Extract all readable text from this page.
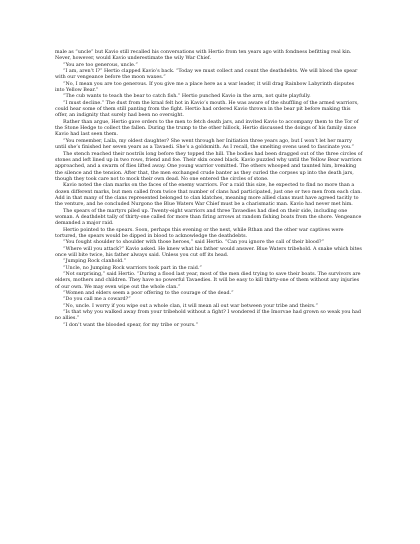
male as “uncle” but Kavio still recalled his conversations with Hertio from ten years ago with fondness befitting real kin. Never, however, would Kavio underestimate the wily War Chief.

“You are too generous, uncle.”

“I am, aren’t I?” Hertio clapped Kavio’s back. “Today we must collect and count the deathdebts. We will blood the spear with our vengeance before the moon waxes.”

“No, I mean you are too generous. If you give me a place here as a war leader, it will drag Rainbow Labyrinth disputes into Yellow Bear.”

“The cub wants to teach the bear to catch fish.” Hertio punched Kavio in the arm, not quite playfully.

“I must decline.” The dust from the kraal felt hot in Kavio’s mouth. He was aware of the shuffling of the armed warriors, could hear some of them still panting from the fight. Hertio had ordered Kavio thrown in the bear pit before making this offer, an indignity that surely had been no oversight.

Rather than argue, Hertio gave orders to the men to fetch death jars, and invited Kavio to accompany them to the Tor of the Stone Hedge to collect the fallen. During the trump to the other hillock, Hertio discussed the doings of his family since Kavio had last seen them.

“You remember, Laila, my oldest daughter? She went through her Initiation three years ago, but I won’t let her marry until she’s finished her seven years as a Tavaedi. She’s a goldsmith. As I recall, the smelting ovens used to fascinate you.”

The stench reached their nostrils long before they topped the hill. The bodies had been dragged out of the three circles of stones and left lined up in two rows, friend and foe. Their skin oozed black. Kavio puzzled why until the Yellow Bear warriors approached, and a swarm of flies lifted away. One young warrior vomitted. The others whooped and taunted him, breaking the silence and the tension. After that, the men exchanged crude banter as they curled the corpses up into the death jars, though they took care not to mock their own dead. No one entered the circles of stone.

Kavio noted the clan marks on the faces of the enemy warriors. For a raid this size, he expected to find no more than a dozen different marks, but men called from twice that number of clans had participated, just one or two men from each clan. Add in that many of the clans represented belonged to clan klatches, meaning more allied clans must have agreed tacitly to the venture, and he concluded Nurgono the Blue Waters War Chief must be a charismatic man. Kavio had never met him.

The spears of the martyrs piled up. Twenty-eight warriors and three Tavaedies had died on their side, including one woman. A deathdebt tally of thirty-one called for more than firing arrows at random fishing boats from the shore. Vengeance demanded a major raid.

Hertio pointed to the spears. Soon, perhaps this evening or the next, while Rthan and the other war captives were tortured, the spears would be dipped in blood to acknowledge the deathdebts.

“You fought shoulder to shoulder with those heroes,” said Hertio. “Can you ignore the call of their blood?”

“Where will you attack?” Kavio asked. He knew what his father would answer. Blue Waters tribehold. A snake which bites once will bite twice, his father always said. Unless you cut off its head.

“Jumping Rock clanhold.”

“Uncle, no Jumping Rock warriors took part in the raid.”

“Not surprising,” said Hertio. “During a flood last year, most of the men died trying to save their boats. The survivors are elders, mothers and children. They have no powerful Tavaedies. It will be easy to kill thirty-one of them without any injuries of our own. We may even wipe out the whole clan.”

“Women and elders seem a poor offering to the courage of the dead.”

“Do you call me a coward?”

“No, uncle. I worry if you wipe out a whole clan, it will mean all out war between your tribe and theirs.”

“Is that why you walked away from your tribehold without a fight? I wondered if the Imorvae had grown so weak you had no allies.”

“I don’t want the blooded spear, for my tribe or yours.”
